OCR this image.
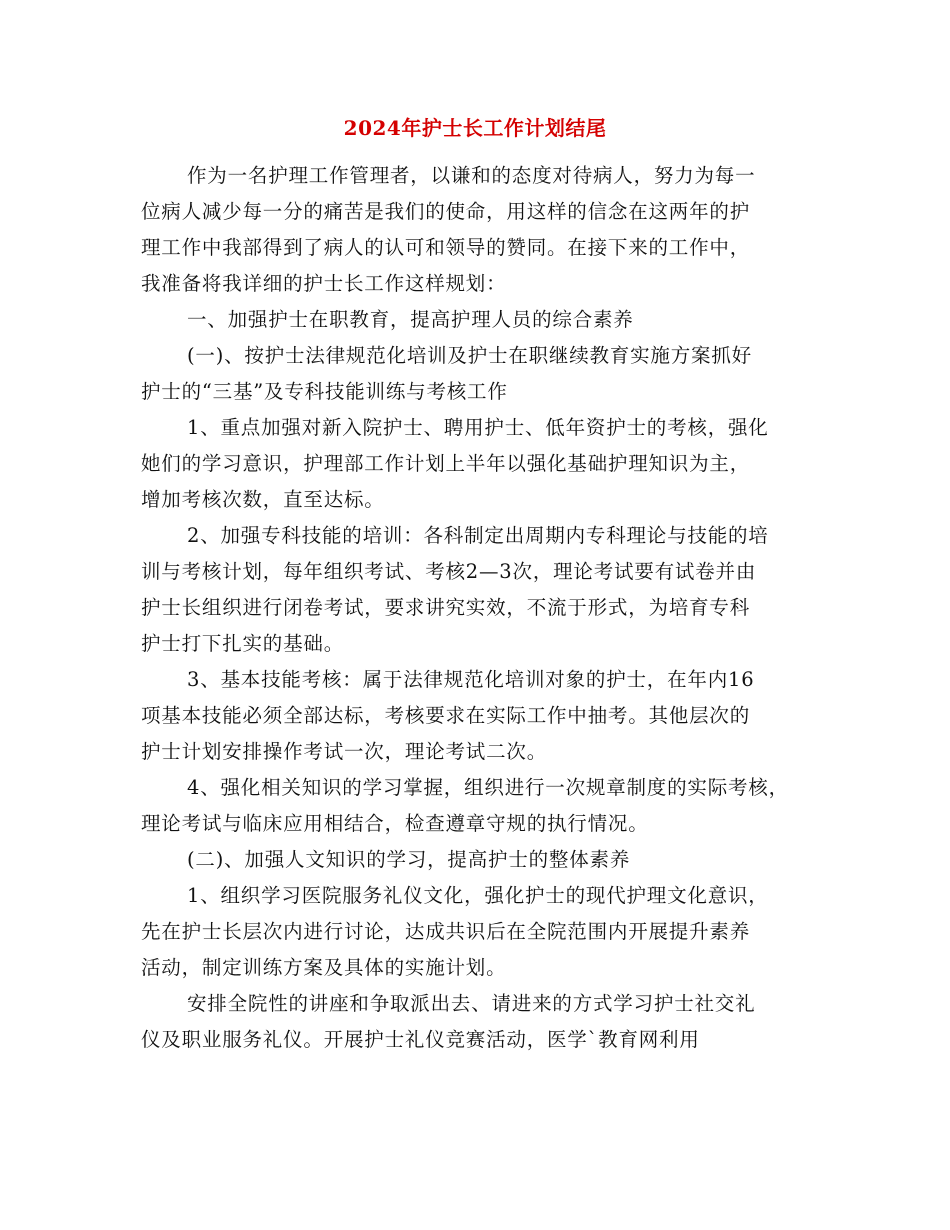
2024年护士长工作计划结尾
作为一名护理工作管理者，以谦和的态度对待病人，努力为每一
位病人减少每一分的痛苦是我们的使命，用这样的信念在这两年的护
理工作中我部得到了病人的认可和领导的赞同。在接下来的工作中，
我准备将我详细的护士长工作这样规划：
一、加强护士在职教育，提高护理人员的综合素养
(一)、按护士法律规范化培训及护士在职继续教育实施方案抓好
护士的“三基”及专科技能训练与考核工作
1、重点加强对新入院护士、聘用护士、低年资护士的考核，强化
她们的学习意识，护理部工作计划上半年以强化基础护理知识为主，
增加考核次数，直至达标。
2、加强专科技能的培训：各科制定出周期内专科理论与技能的培
训与考核计划，每年组织考试、考核2—3次，理论考试要有试卷并由
护士长组织进行闭卷考试，要求讲究实效，不流于形式，为培育专科
护士打下扎实的基础。
3、基本技能考核：属于法律规范化培训对象的护士，在年内16
项基本技能必须全部达标，考核要求在实际工作中抽考。其他层次的
护士计划安排操作考试一次，理论考试二次。
4、强化相关知识的学习掌握，组织进行一次规章制度的实际考核，
理论考试与临床应用相结合，检查遵章守规的执行情况。
(二)、加强人文知识的学习，提高护士的整体素养
1、组织学习医院服务礼仪文化，强化护士的现代护理文化意识，
先在护士长层次内进行讨论，达成共识后在全院范围内开展提升素养
活动，制定训练方案及具体的实施计划。
安排全院性的讲座和争取派出去、请进来的方式学习护士社交礼
仪及职业服务礼仪。开展护士礼仪竞赛活动，医学`教育网利用
